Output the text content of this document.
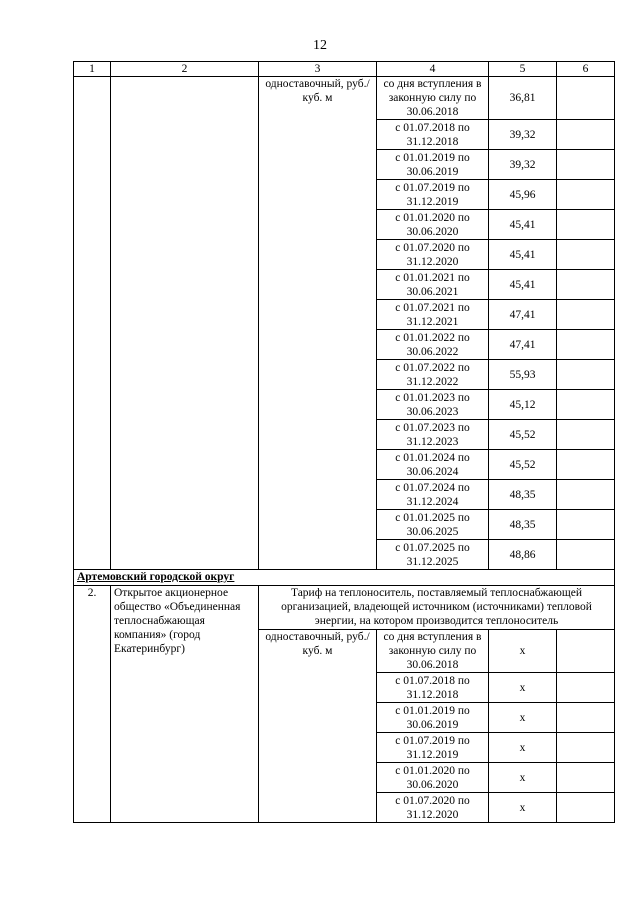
12
1	2	3	4	5	6
		одноставочный, руб./куб. м	со дня вступления в законную силу по 30.06.2018	36,81	
			с 01.07.2018 по 31.12.2018	39,32	
			с 01.01.2019 по 30.06.2019	39,32	
			с 01.07.2019 по 31.12.2019	45,96	
			с 01.01.2020 по 30.06.2020	45,41	
			с 01.07.2020 по 31.12.2020	45,41	
			с 01.01.2021 по 30.06.2021	45,41	
			с 01.07.2021 по 31.12.2021	47,41	
			с 01.01.2022 по 30.06.2022	47,41	
			с 01.07.2022 по 31.12.2022	55,93	
			с 01.01.2023 по 30.06.2023	45,12	
			с 01.07.2023 по 31.12.2023	45,52	
			с 01.01.2024 по 30.06.2024	45,52	
			с 01.07.2024 по 31.12.2024	48,35	
			с 01.01.2025 по 30.06.2025	48,35	
			с 01.07.2025 по 31.12.2025	48,86	
Артемовский городской округ					
2.	Открытое акционерное общество «Объединенная теплоснабжающая компания» (город Екатеринбург)	Тариф на теплоноситель, поставляемый теплоснабжающей организацией, владеющей источником (источниками) тепловой энергии, на котором производится теплоноситель			
		одноставочный, руб./куб. м	со дня вступления в законную силу по 30.06.2018	x	
			с 01.07.2018 по 31.12.2018	x	
			с 01.01.2019 по 30.06.2019	x	
			с 01.07.2019 по 31.12.2019	x	
			с 01.01.2020 по 30.06.2020	x	
			с 01.07.2020 по 31.12.2020	x	
